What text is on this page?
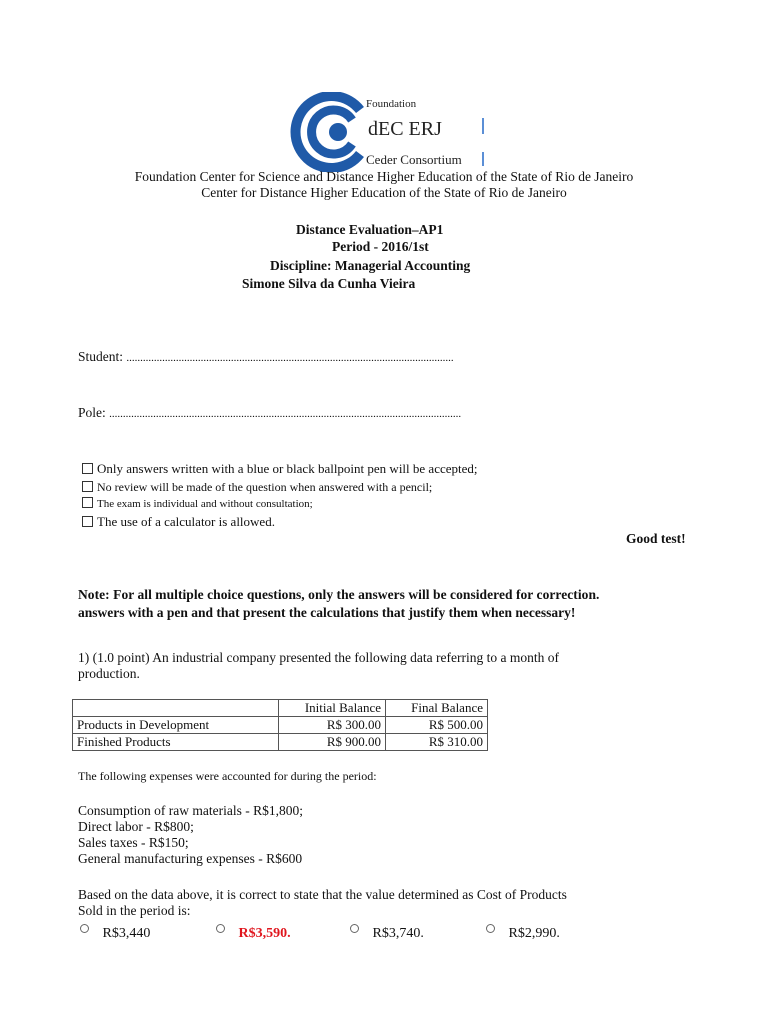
Foundation
dEC ERJ
Ceder Consortium
Foundation Center for Science and Distance Higher Education of the State of Rio de Janeiro
Center for Distance Higher Education of the State of Rio de Janeiro
Distance Evaluation–AP1
Period - 2016/1st
Discipline: Managerial Accounting
Simone Silva da Cunha Vieira
Student: .......................................................................................................................
Pole: ................................................................................................................................
Only answers written with a blue or black ballpoint pen will be accepted;
No review will be made of the question when answered with a pencil;
The exam is individual and without consultation;
The use of a calculator is allowed.
Good test!
Note: For all multiple choice questions, only the answers will be considered for correction.
answers with a pen and that present the calculations that justify them when necessary!
1) (1.0 point) An industrial company presented the following data referring to a month of
production.
	Initial Balance	Final Balance
Products in Development	R$ 300.00	R$ 500.00
Finished Products	R$ 900.00	R$ 310.00
The following expenses were accounted for during the period:
Consumption of raw materials - R$1,800;
Direct labor - R$800;
Sales taxes - R$150;
General manufacturing expenses - R$600
Based on the data above, it is correct to state that the value determined as Cost of Products
Sold in the period is:
R$3,440	R$3,590.	R$3,740.	R$2,990.
